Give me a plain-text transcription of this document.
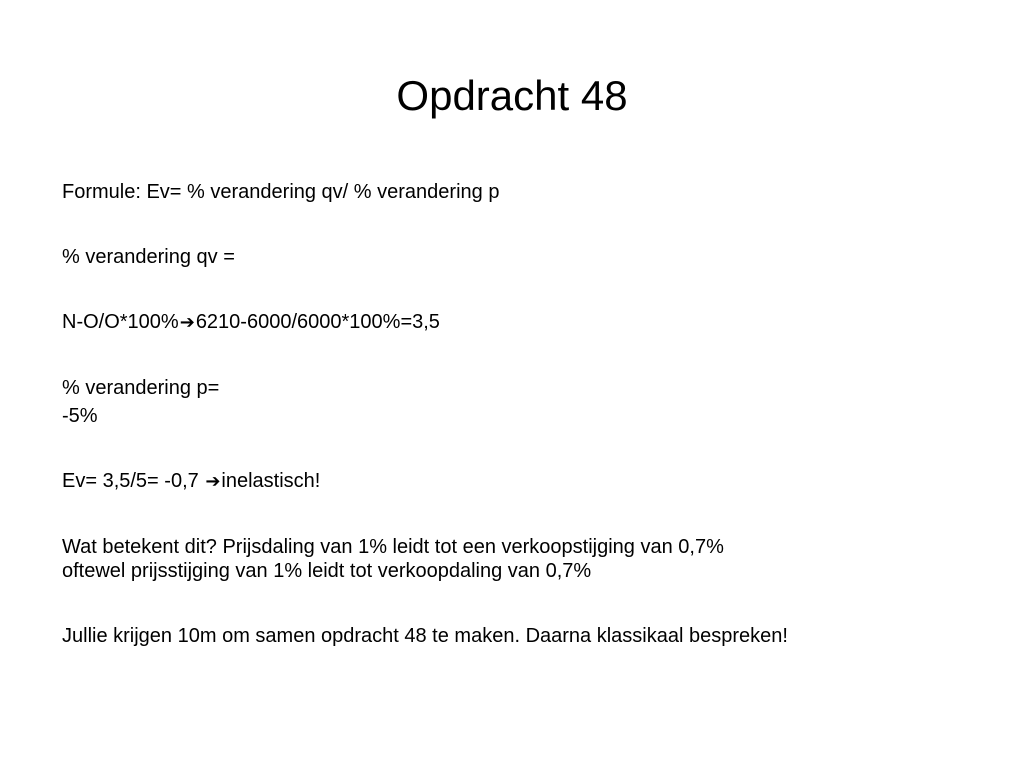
Opdracht 48

Formule: Ev= % verandering qv/ % verandering p

% verandering qv =

N-O/O*100%➔6210-6000/6000*100%=3,5

% verandering p=

-5%

Ev= 3,5/5= -0,7 ➔inelastisch!

Wat betekent dit? Prijsdaling van 1% leidt tot een verkoopstijging van 0,7%
oftewel prijsstijging van 1% leidt tot verkoopdaling van 0,7%

Jullie krijgen 10m om samen opdracht 48 te maken. Daarna klassikaal bespreken!
